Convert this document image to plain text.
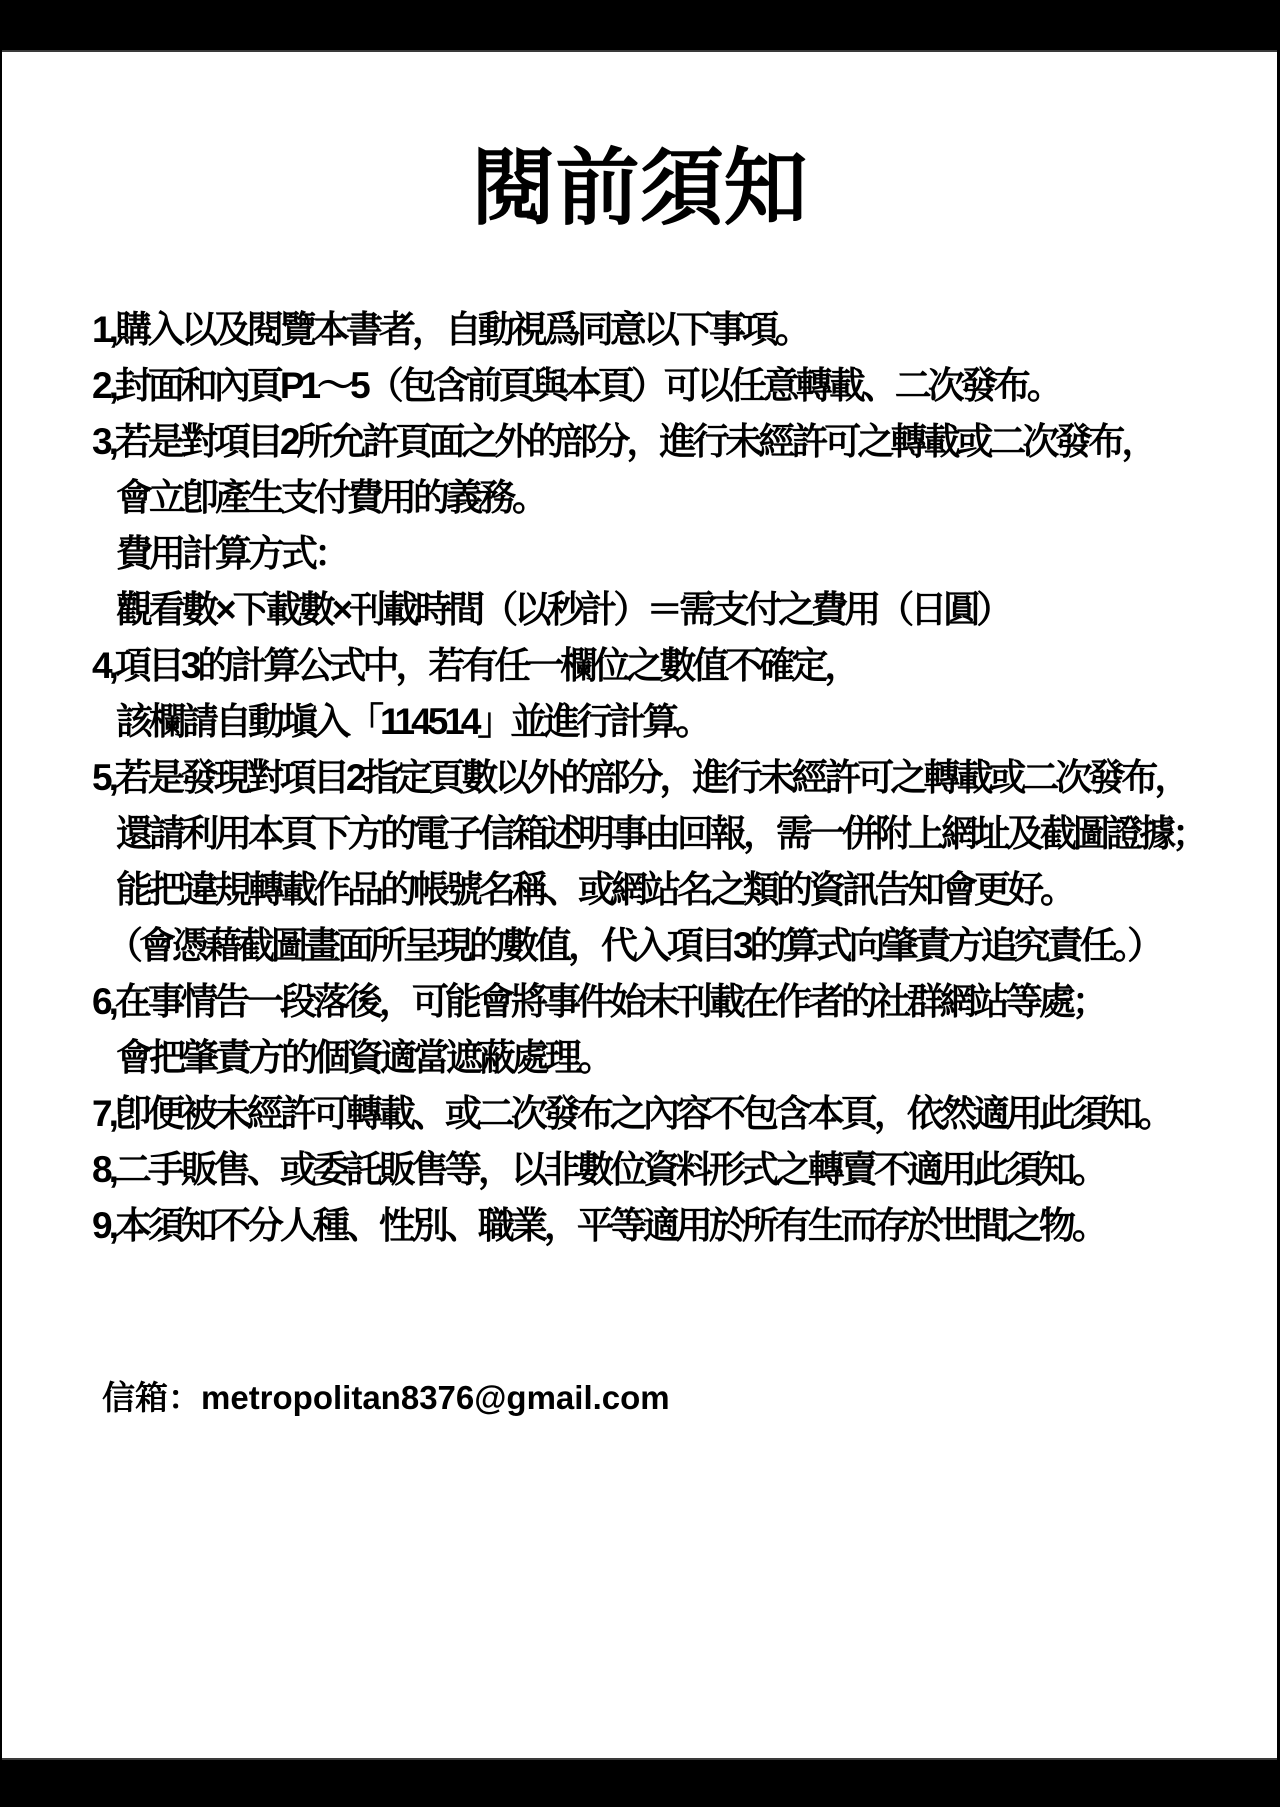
閱前須知
1,購入以及閱覽本書者，自動視爲同意以下事項。
2,封面和內頁P1～5（包含前頁與本頁）可以任意轉載、二次發布。
3,若是對項目2所允許頁面之外的部分，進行未經許可之轉載或二次發布，
會立卽產生支付費用的義務。
費用計算方式：
觀看數×下載數×刊載時間（以秒計）＝需支付之費用（日圓）
4,項目3的計算公式中，若有任一欄位之數值不確定，
該欄請自動塡入「114514」並進行計算。
5,若是發現對項目2指定頁數以外的部分，進行未經許可之轉載或二次發布，
還請利用本頁下方的電子信箱述明事由回報，需一併附上網址及截圖證據；
能把違規轉載作品的帳號名稱、或網站名之類的資訊告知會更好。
（會憑藉截圖畫面所呈現的數值，代入項目3的算式向肇責方追究責任。）
6,在事情告一段落後，可能會將事件始末刊載在作者的社群網站等處；
會把肇責方的個資適當遮蔽處理。
7,卽便被未經許可轉載、或二次發布之內容不包含本頁，依然適用此須知。
8,二手販售、或委託販售等，以非數位資料形式之轉賣不適用此須知。
9,本須知不分人種、性別、職業，平等適用於所有生而存於世間之物。
信箱：metropolitan8376@gmail.com
